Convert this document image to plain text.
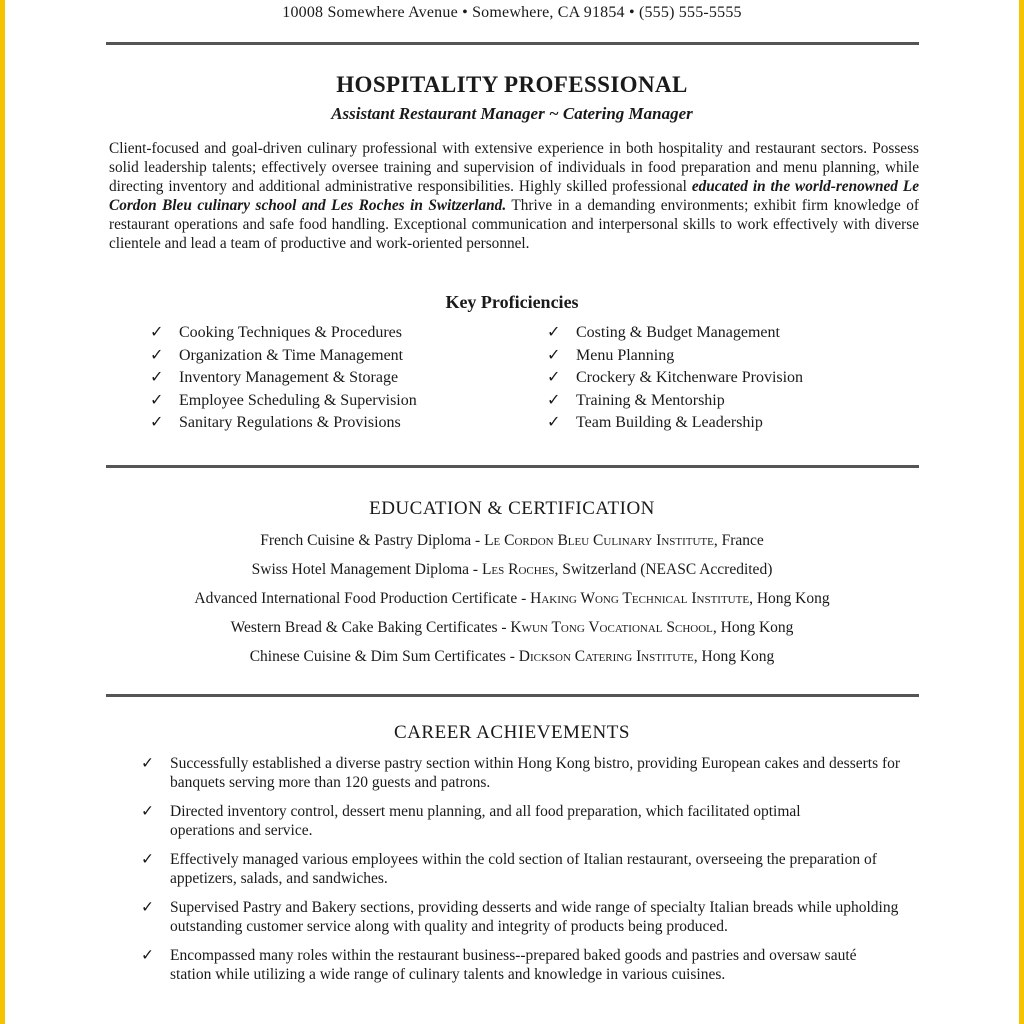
10008 Somewhere Avenue • Somewhere, CA 91854 • (555) 555-5555
HOSPITALITY PROFESSIONAL
Assistant Restaurant Manager ~ Catering Manager

Client-focused and goal-driven culinary professional with extensive experience in both hospitality and restaurant sectors. Possess solid leadership talents; effectively oversee training and supervision of individuals in food preparation and menu planning, while directing inventory and additional administrative responsibilities. Highly skilled professional educated in the world-renowned Le Cordon Bleu culinary school and Les Roches in Switzerland. Thrive in a demanding environments; exhibit firm knowledge of restaurant operations and safe food handling. Exceptional communication and interpersonal skills to work effectively with diverse clientele and lead a team of productive and work-oriented personnel.

Key Proficiencies
✓ Cooking Techniques & Procedures
✓ Organization & Time Management
✓ Inventory Management & Storage
✓ Employee Scheduling & Supervision
✓ Sanitary Regulations & Provisions
✓ Costing & Budget Management
✓ Menu Planning
✓ Crockery & Kitchenware Provision
✓ Training & Mentorship
✓ Team Building & Leadership
EDUCATION & CERTIFICATION
French Cuisine & Pastry Diploma - Le Cordon Bleu Culinary Institute, France
Swiss Hotel Management Diploma - Les Roches, Switzerland (NEASC Accredited)
Advanced International Food Production Certificate - Haking Wong Technical Institute, Hong Kong
Western Bread & Cake Baking Certificates - Kwun Tong Vocational School, Hong Kong
Chinese Cuisine & Dim Sum Certificates - Dickson Catering Institute, Hong Kong
CAREER ACHIEVEMENTS
✓ Successfully established a diverse pastry section within Hong Kong bistro, providing European cakes and desserts for banquets serving more than 120 guests and patrons.
✓ Directed inventory control, dessert menu planning, and all food preparation, which facilitated optimal operations and service.
✓ Effectively managed various employees within the cold section of Italian restaurant, overseeing the preparation of appetizers, salads, and sandwiches.
✓ Supervised Pastry and Bakery sections, providing desserts and wide range of specialty Italian breads while upholding outstanding customer service along with quality and integrity of products being produced.
✓ Encompassed many roles within the restaurant business--prepared baked goods and pastries and oversaw sauté station while utilizing a wide range of culinary talents and knowledge in various cuisines.
